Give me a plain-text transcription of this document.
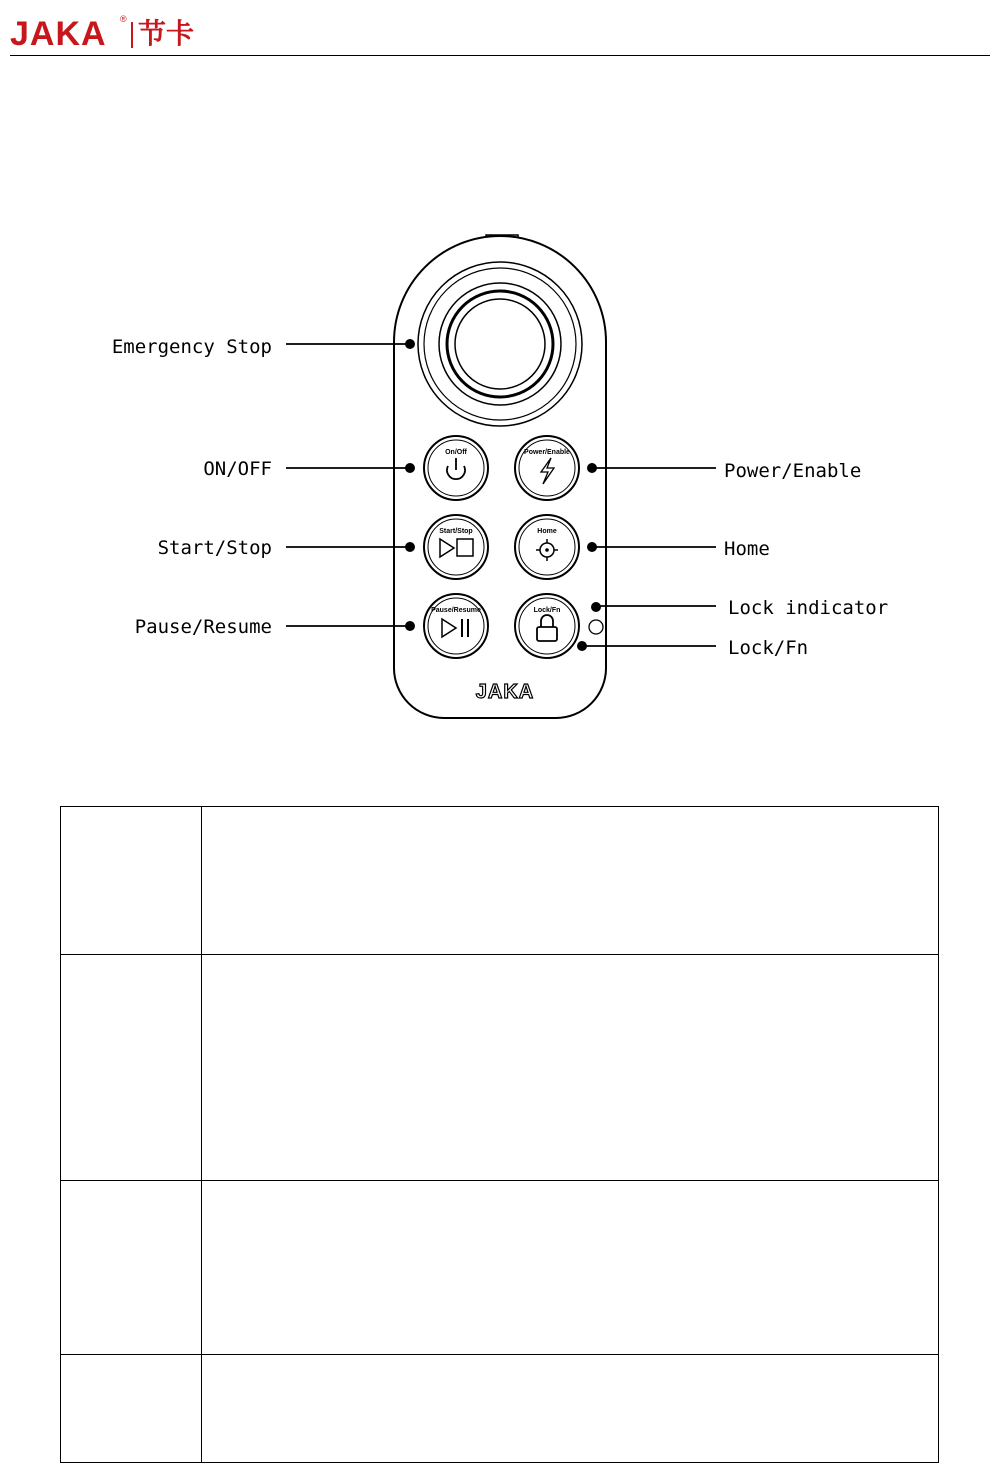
JAKA ® 节卡
On/Off	Power/Enable
Start/Stop	Home
Pause/Resume	Lock/Fn
JAKA
Emergency Stop
ON/OFF
Start/Stop
Pause/Resume
Power/Enable
Home
Lock indicator
Lock/Fn
